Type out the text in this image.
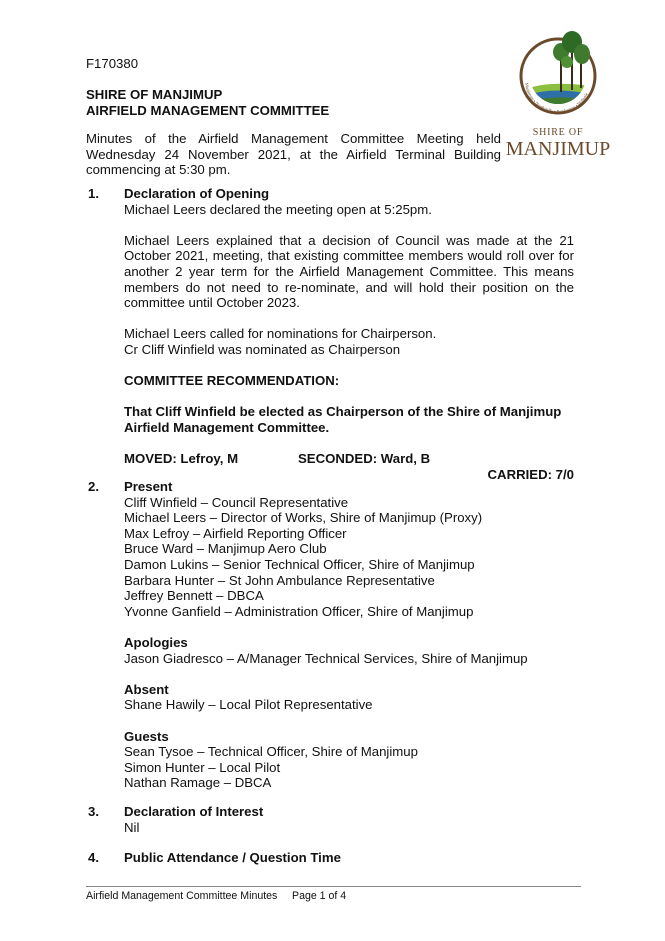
F170380
SHIRE OF MANJIMUP
AIRFIELD MANAGEMENT COMMITTEE
Minutes of the Airfield Management Committee Meeting held Wednesday 24 November 2021, at the Airfield Terminal Building commencing at 5:30 pm.
Manjimup • Northcliffe • Pemberton • Walpole
SHIRE OF
MANJIMUP
1. Declaration of Opening
Michael Leers declared the meeting open at 5:25pm.
Michael Leers explained that a decision of Council was made at the 21 October 2021, meeting, that existing committee members would roll over for another 2 year term for the Airfield Management Committee. This means members do not need to re-nominate, and will hold their position on the committee until October 2023.
Michael Leers called for nominations for Chairperson.
Cr Cliff Winfield was nominated as Chairperson
COMMITTEE RECOMMENDATION:
That Cliff Winfield be elected as Chairperson of the Shire of Manjimup Airfield Management Committee.
MOVED: Lefroy, M	SECONDED: Ward, B
CARRIED: 7/0
2. Present
Cliff Winfield – Council Representative
Michael Leers – Director of Works, Shire of Manjimup (Proxy)
Max Lefroy – Airfield Reporting Officer
Bruce Ward – Manjimup Aero Club
Damon Lukins – Senior Technical Officer, Shire of Manjimup
Barbara Hunter – St John Ambulance Representative
Jeffrey Bennett – DBCA
Yvonne Ganfield – Administration Officer, Shire of Manjimup
Apologies
Jason Giadresco – A/Manager Technical Services, Shire of Manjimup
Absent
Shane Hawily – Local Pilot Representative
Guests
Sean Tysoe – Technical Officer, Shire of Manjimup
Simon Hunter – Local Pilot
Nathan Ramage – DBCA
3. Declaration of Interest
Nil
4. Public Attendance / Question Time
Airfield Management Committee Minutes Page 1 of 4
